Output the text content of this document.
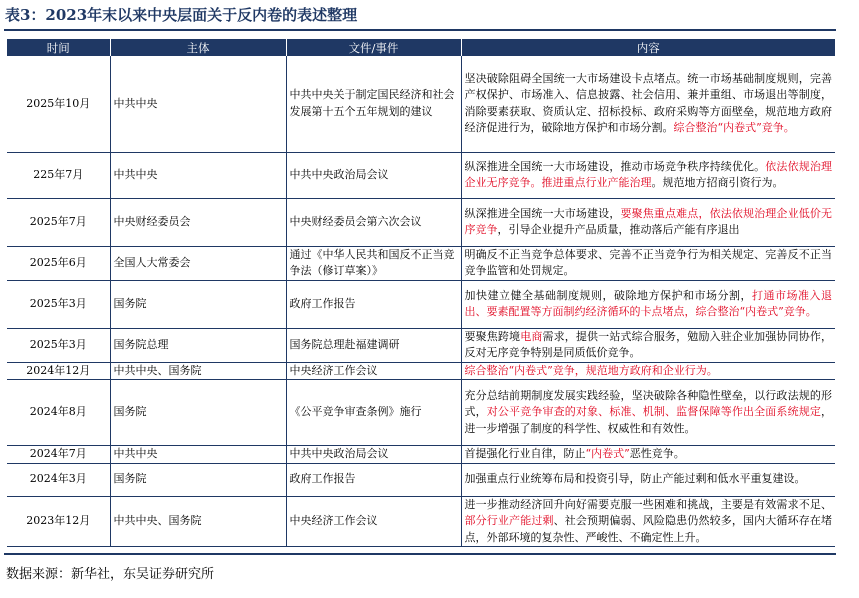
表3：2023年末以来中央层面关于反内卷的表述整理
时间	主体	文件/事件	内容
2025年10月	中共中央	中共中央关于制定国民经济和社会发展第十五个五年规划的建议	坚决破除阻碍全国统一大市场建设卡点堵点。统一市场基础制度规则，完善产权保护、市场准入、信息披露、社会信用、兼并重组、市场退出等制度，消除要素获取、资质认定、招标投标、政府采购等方面壁垒，规范地方政府经济促进行为，破除地方保护和市场分割。综合整治“内卷式”竞争。
225年7月	中共中央	中共中央政治局会议	纵深推进全国统一大市场建设，推动市场竞争秩序持续优化。依法依规治理企业无序竞争。推进重点行业产能治理。规范地方招商引资行为。
2025年7月	中央财经委员会	中央财经委员会第六次会议	纵深推进全国统一大市场建设，要聚焦重点难点，依法依规治理企业低价无序竞争，引导企业提升产品质量，推动落后产能有序退出
2025年6月	全国人大常委会	通过《中华人民共和国反不正当竞争法（修订草案）》	明确反不正当竞争总体要求、完善不正当竞争行为相关规定、完善反不正当竞争监管和处罚规定。
2025年3月	国务院	政府工作报告	加快建立健全基础制度规则，破除地方保护和市场分割，打通市场准入退出、要素配置等方面制约经济循环的卡点堵点，综合整治“内卷式”竞争。
2025年3月	国务院总理	国务院总理赴福建调研	要聚焦跨境电商需求，提供一站式综合服务，勉励入驻企业加强协同协作，反对无序竞争特别是同质低价竞争。
2024年12月	中共中央、国务院	中央经济工作会议	综合整治“内卷式”竞争，规范地方政府和企业行为。
2024年8月	国务院	《公平竞争审查条例》施行	充分总结前期制度发展实践经验，坚决破除各种隐性壁垒，以行政法规的形式，对公平竞争审查的对象、标准、机制、监督保障等作出全面系统规定，进一步增强了制度的科学性、权威性和有效性。
2024年7月	中共中央	中共中央政治局会议	首提强化行业自律，防止“内卷式”恶性竞争。
2024年3月	国务院	政府工作报告	加强重点行业统筹布局和投资引导，防止产能过剩和低水平重复建设。
2023年12月	中共中央、国务院	中央经济工作会议	进一步推动经济回升向好需要克服一些困难和挑战，主要是有效需求不足、部分行业产能过剩、社会预期偏弱、风险隐患仍然较多，国内大循环存在堵点，外部环境的复杂性、严峻性、不确定性上升。
数据来源：新华社，东吴证券研究所
